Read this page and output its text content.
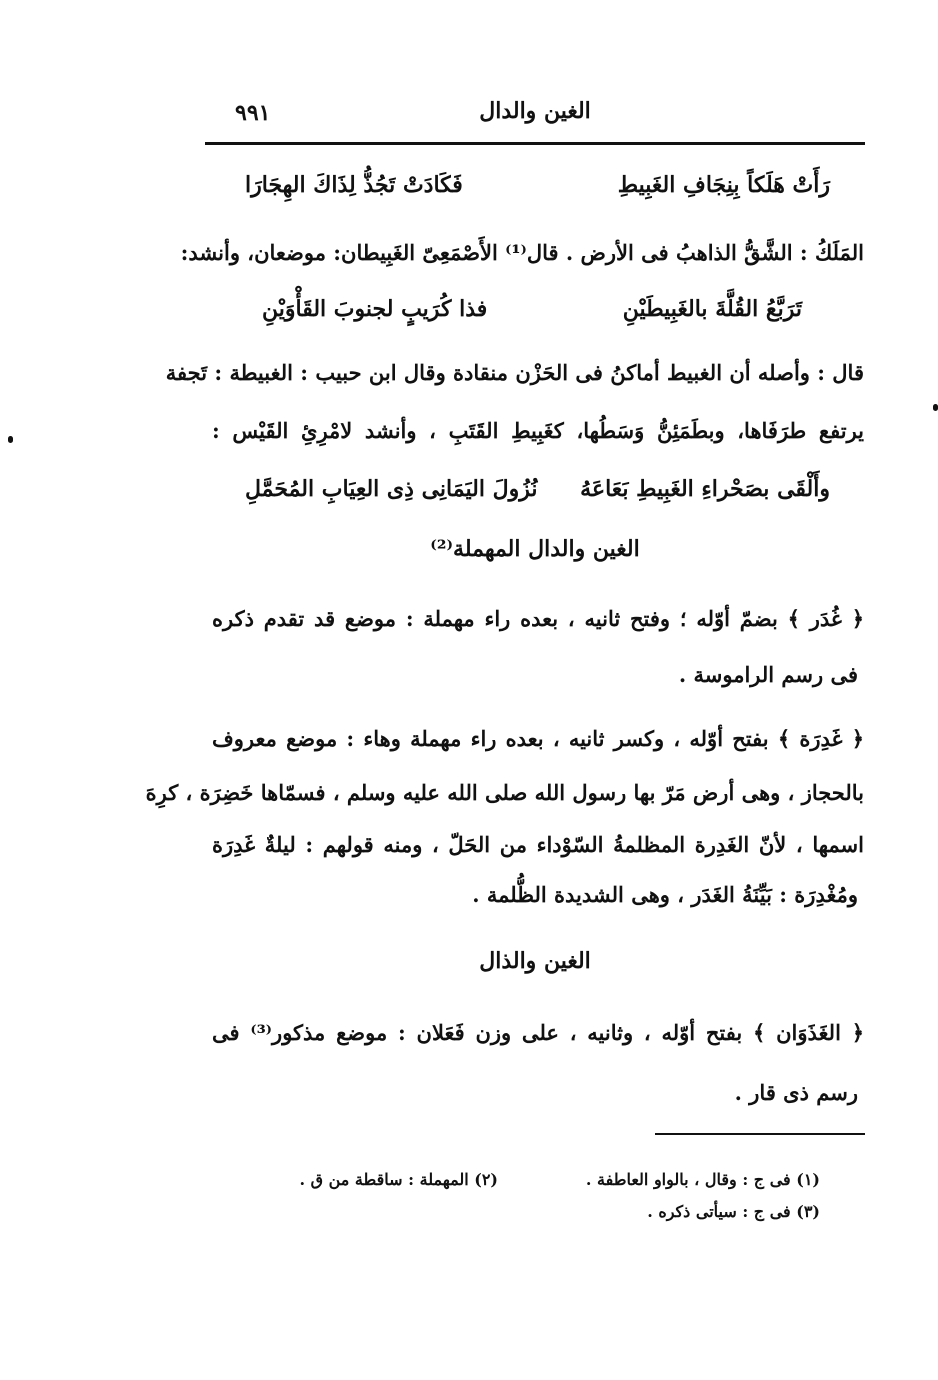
٩٩١	الغين والدال
رَأَتْ هَلَكاً بِنِجَافِ الغَبِيطِ
فَكَادَتْ تَجُذُّ لِذَاكَ الهِجَارَا
المَلَكُ : الشَّقُّ الذاهبُ فى الأرض . قال⁽¹⁾ الأَصْمَعِىّ الغَبِيطان: موضعان، وأنشد:
تَرَبَّعُ القُلَّةَ بالغَبِيطَيْنِ
فذا كُرَيبٍ لجنوبَ القَأْوَيْنِ
قال : وأصله أن الغبيط أماكنُ فى الحَزْن منقادة وقال ابن حبيب : الغبيطة : تَجفة
يرتفع طرَفَاها، وبطَمَئِنُّ وَسَطُها، كغَبِيطِ القَتَبِ ، وأنشد لامْرِئِ القَيْس :
وأَلْقَى بصَحْراءِ الغَبِيطِ بَعَاعَهُ
نُزُولَ اليَمَانِى ذِى العِيَابِ المُحَمَّلِ
الغين والدال المهملة⁽²⁾
﴿ غُدَر ﴾ بضمّ أوّله ؛ وفتح ثانيه ، بعده راء مهملة : موضع قد تقدم ذكره
فى رسم الراموسة .
﴿ غَدِرَة ﴾ بفتح أوّله ، وكسر ثانيه ، بعده راء مهملة وهاء : موضع معروف
بالحجاز ، وهى أرض مَرّ بها رسول الله صلى الله عليه وسلم ، فسمّاها خَضِرَة ، كرِهَ
اسمها ، لأنّ الغَدِرة المظلمةُ السّوْداء من الحَلّ ، ومنه قولهم : ليلةٌ غَدِرَة
ومُغْدِرَة : بَيِّنَةُ الغَدَر ، وهى الشديدة الظُّلمة .
الغين والذال
﴿ الغَذَوَان ﴾ بفتح أوّله ، وثانيه ، على وزن فَعَلان : موضع مذكور⁽³⁾ فى
رسم ذى قار .
(١) فى ج : وقال ، بالواو العاطفة .
(٢) المهملة : ساقطة من ق .
(٣) فى ج : سيأتى ذكره .
